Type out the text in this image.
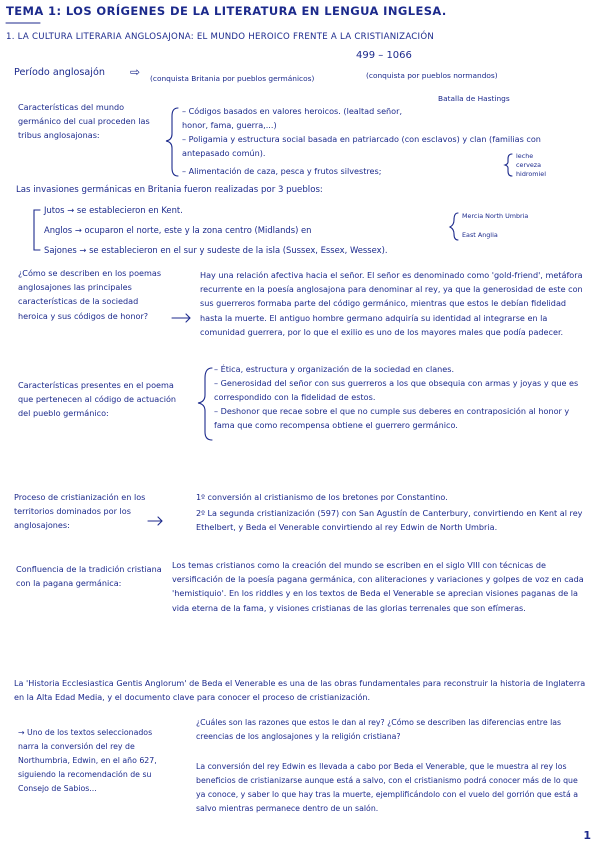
TEMA 1: LOS ORÍGENES DE LA LITERATURA EN LENGUA INGLESA.
1. LA CULTURA LITERARIA ANGLOSAJONA: EL MUNDO HEROICO FRENTE A LA CRISTIANIZACIÓN
499 – 1066
Período anglosajón ⇨ (conquista Britania por pueblos germánicos)	(conquista por pueblos normandos)
Batalla de Hastings
Características del mundo germánico del cual proceden las tribus anglosajonas:
– Códigos basados en valores heroicos. (lealtad señor, honor, fama, guerra,...)
– Poligamia y estructura social basada en patriarcado (con esclavos) y clan (familias con antepasado común).
– Alimentación de caza, pesca y frutos silvestres;
leche
cerveza
hidromiel
Las invasiones germánicas en Britania fueron realizadas por 3 pueblos:
Jutos → se establecieron en Kent.
Anglos → ocuparon el norte, este y la zona centro (Midlands) en
Sajones → se establecieron en el sur y sudeste de la isla (Sussex, Essex, Wessex).
Mercia North Umbria
East Anglia
¿Cómo se describen en los poemas anglosajones las principales características de la sociedad heroica y sus códigos de honor?
Hay una relación afectiva hacia el señor. El señor es denominado como 'gold-friend', metáfora recurrente en la poesía anglosajona para denominar al rey, ya que la generosidad de este con sus guerreros formaba parte del código germánico, mientras que estos le debían fidelidad hasta la muerte. El antiguo hombre germano adquiría su identidad al integrarse en la comunidad guerrera, por lo que el exilio es uno de los mayores males que podía padecer.
Características presentes en el poema que pertenecen al código de actuación del pueblo germánico:
– Ética, estructura y organización de la sociedad en clanes.
– Generosidad del señor con sus guerreros a los que obsequia con armas y joyas y que es correspondido con la fidelidad de estos.
– Deshonor que recae sobre el que no cumple sus deberes en contraposición al honor y fama que como recompensa obtiene el guerrero germánico.
Proceso de cristianización en los territorios dominados por los anglosajones:
1º conversión al cristianismo de los bretones por Constantino.
2º La segunda cristianización (597) con San Agustín de Canterbury, convirtiendo en Kent al rey Ethelbert, y Beda el Venerable convirtiendo al rey Edwin de North Umbria.
Confluencia de la tradición cristiana con la pagana germánica:
Los temas cristianos como la creación del mundo se escriben en el siglo VIII con técnicas de versificación de la poesía pagana germánica, con aliteraciones y variaciones y golpes de voz en cada 'hemistiquio'. En los riddles y en los textos de Beda el Venerable se aprecian visiones paganas de la vida eterna de la fama, y visiones cristianas de las glorias terrenales que son efímeras.
La 'Historia Ecclesiastica Gentis Anglorum' de Beda el Venerable es una de las obras fundamentales para reconstruir la historia de Inglaterra en la Alta Edad Media, y el documento clave para conocer el proceso de cristianización.
→ Uno de los textos seleccionados narra la conversión del rey de Northumbria, Edwin, en el año 627, siguiendo la recomendación de su Consejo de Sabios...
¿Cuáles son las razones que estos le dan al rey? ¿Cómo se describen las diferencias entre las creencias de los anglosajones y la religión cristiana?
La conversión del rey Edwin es llevada a cabo por Beda el Venerable, que le muestra al rey los beneficios de cristianizarse aunque está a salvo, con el cristianismo podrá conocer más de lo que ya conoce, y saber lo que hay tras la muerte, ejemplificándolo con el vuelo del gorrión que está a salvo mientras permanece dentro de un salón.
1
